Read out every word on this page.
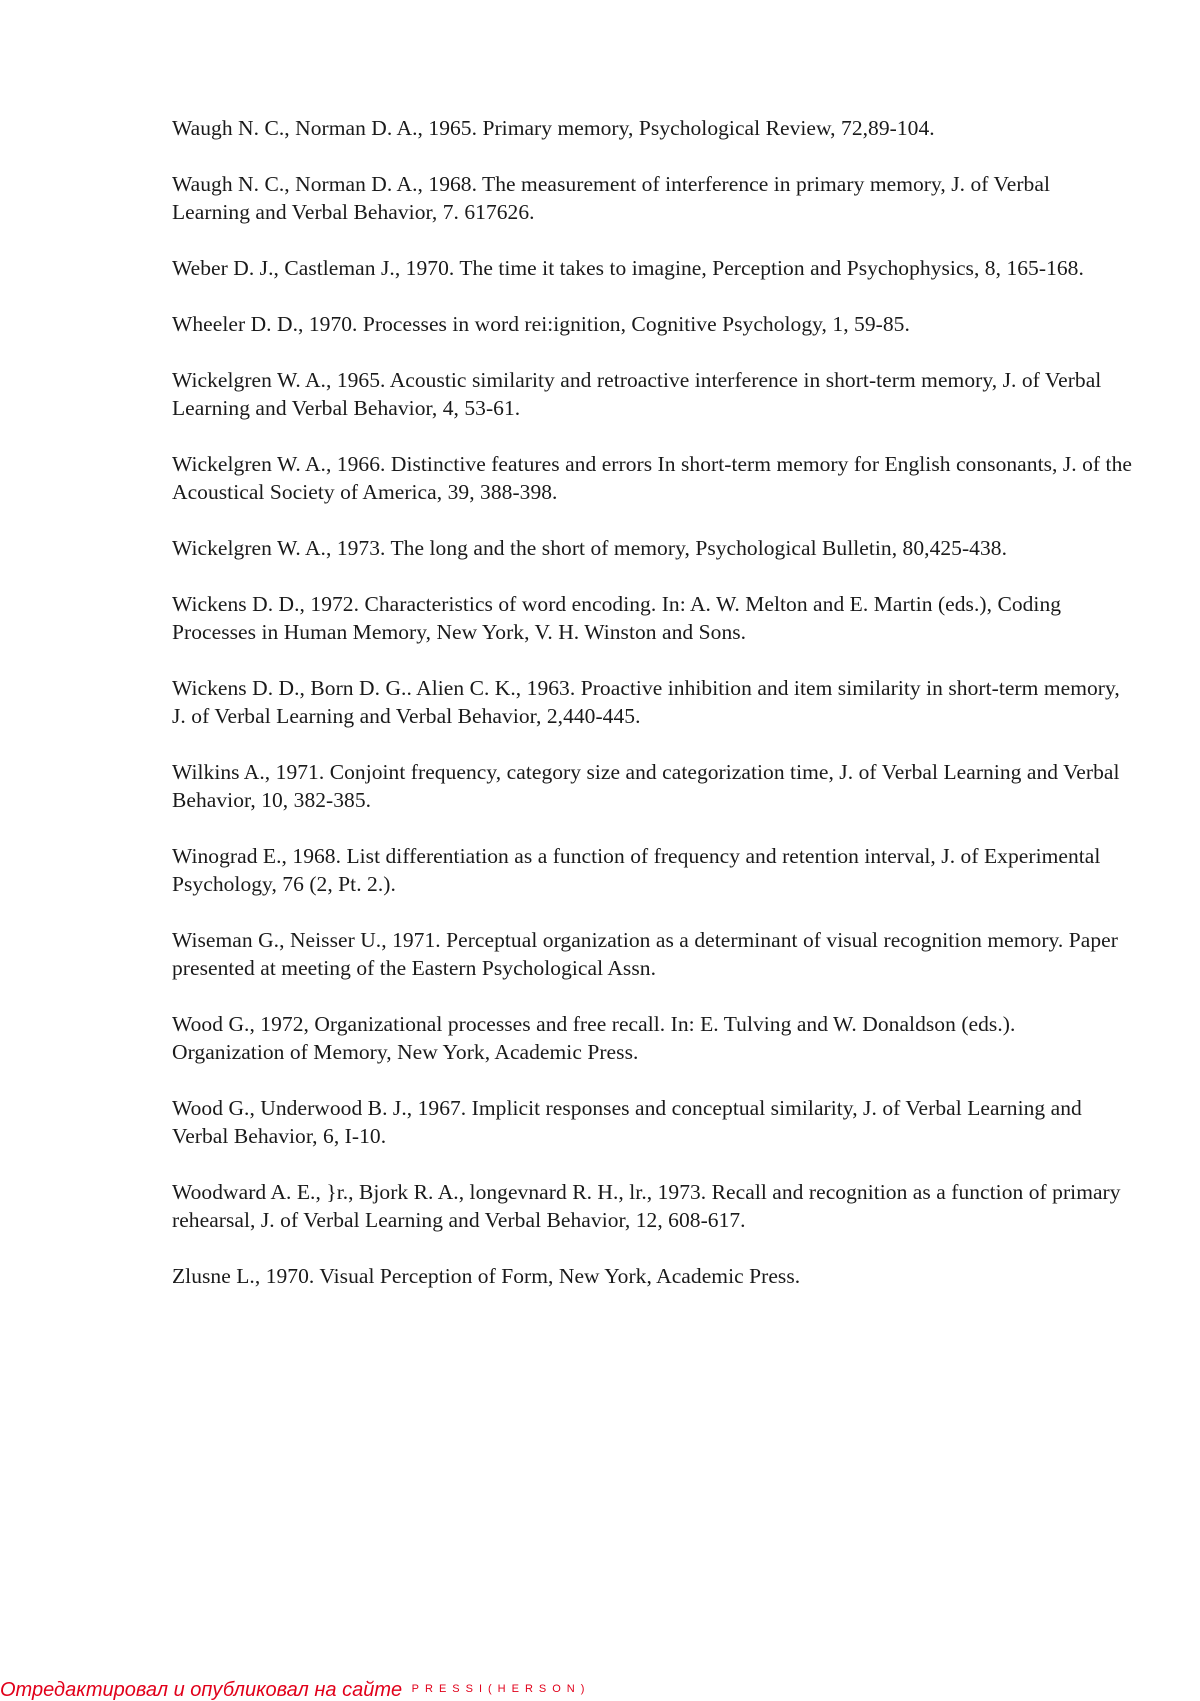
Waugh N. C., Norman D. A., 1965. Primary memory, Psychological Review, 72,89-104.
Waugh N. C., Norman D. A., 1968. The measurement of interference in primary memory, J. of Verbal Learning and Verbal Behavior, 7. 617626.
Weber D. J., Castleman J., 1970. The time it takes to imagine, Perception and Psychophysics, 8, 165-168.
Wheeler D. D., 1970. Processes in word rei:ignition, Cognitive Psychology, 1, 59-85.
Wickelgren W. A., 1965. Acoustic similarity and retroactive interference in short-term memory, J. of Verbal Learning and Verbal Behavior, 4, 53-61.
Wickelgren W. A., 1966. Distinctive features and errors In short-term memory for English consonants, J. of the Acoustical Society of America, 39, 388-398.
Wickelgren W. A., 1973. The long and the short of memory, Psychological Bulletin, 80,425-438.
Wickens D. D., 1972. Characteristics of word encoding. In: A. W. Melton and E. Martin (eds.), Coding Processes in Human Memory, New York, V. H. Winston and Sons.
Wickens D. D., Born D. G.. Alien C. K., 1963. Proactive inhibition and item similarity in short-term memory, J. of Verbal Learning and Verbal Behavior, 2,440-445.
Wilkins A., 1971. Conjoint frequency, category size and categorization time, J. of Verbal Learning and Verbal Behavior, 10, 382-385.
Winograd E., 1968. List differentiation as a function of frequency and retention interval, J. of Experimental Psychology, 76 (2, Pt. 2.).
Wiseman G., Neisser U., 1971. Perceptual organization as a determinant of visual recognition memory. Paper presented at meeting of the Eastern Psychological Assn.
Wood G., 1972, Organizational processes and free recall. In: E. Tulving and W. Donaldson (eds.). Organization of Memory, New York, Academic Press.
Wood G., Underwood B. J., 1967. Implicit responses and conceptual similarity, J. of Verbal Learning and Verbal Behavior, 6, I-10.
Woodward A. E., }r., Bjork R. A., longevnard R. H., lr., 1973. Recall and recognition as a function of primary rehearsal, J. of Verbal Learning and Verbal Behavior, 12, 608-617.
Zlusne L., 1970. Visual Perception of Form, New York, Academic Press.
Отредактировал и опубликовал на сайте $^{PRESSI(HERSON)}$
